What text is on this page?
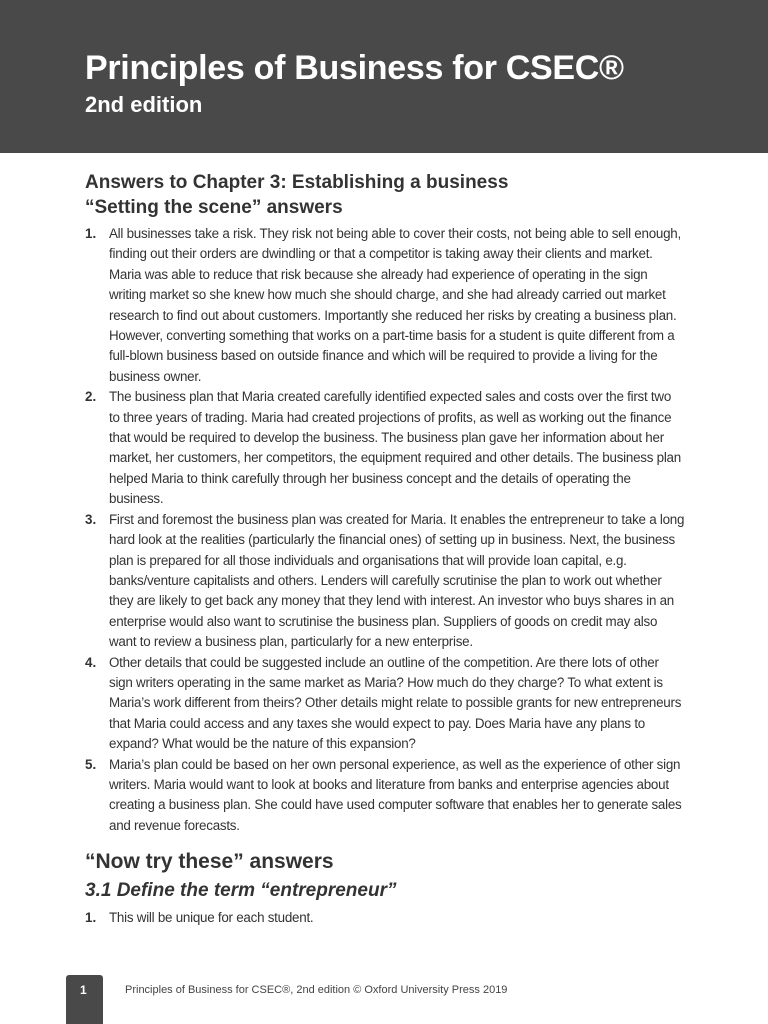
Principles of Business for CSEC®
2nd edition
Answers to Chapter 3: Establishing a business
“Setting the scene” answers
1. All businesses take a risk. They risk not being able to cover their costs, not being able to sell enough, finding out their orders are dwindling or that a competitor is taking away their clients and market. Maria was able to reduce that risk because she already had experience of operating in the sign writing market so she knew how much she should charge, and she had already carried out market research to find out about customers. Importantly she reduced her risks by creating a business plan. However, converting something that works on a part-time basis for a student is quite different from a full-blown business based on outside finance and which will be required to provide a living for the business owner.
2. The business plan that Maria created carefully identified expected sales and costs over the first two to three years of trading. Maria had created projections of profits, as well as working out the finance that would be required to develop the business. The business plan gave her information about her market, her customers, her competitors, the equipment required and other details. The business plan helped Maria to think carefully through her business concept and the details of operating the business.
3. First and foremost the business plan was created for Maria. It enables the entrepreneur to take a long hard look at the realities (particularly the financial ones) of setting up in business. Next, the business plan is prepared for all those individuals and organisations that will provide loan capital, e.g. banks/venture capitalists and others. Lenders will carefully scrutinise the plan to work out whether they are likely to get back any money that they lend with interest. An investor who buys shares in an enterprise would also want to scrutinise the business plan. Suppliers of goods on credit may also want to review a business plan, particularly for a new enterprise.
4. Other details that could be suggested include an outline of the competition. Are there lots of other sign writers operating in the same market as Maria? How much do they charge? To what extent is Maria’s work different from theirs? Other details might relate to possible grants for new entrepreneurs that Maria could access and any taxes she would expect to pay. Does Maria have any plans to expand? What would be the nature of this expansion?
5. Maria’s plan could be based on her own personal experience, as well as the experience of other sign writers. Maria would want to look at books and literature from banks and enterprise agencies about creating a business plan. She could have used computer software that enables her to generate sales and revenue forecasts.
“Now try these” answers
3.1 Define the term “entrepreneur”
1. This will be unique for each student.
1	Principles of Business for CSEC®, 2nd edition © Oxford University Press 2019
